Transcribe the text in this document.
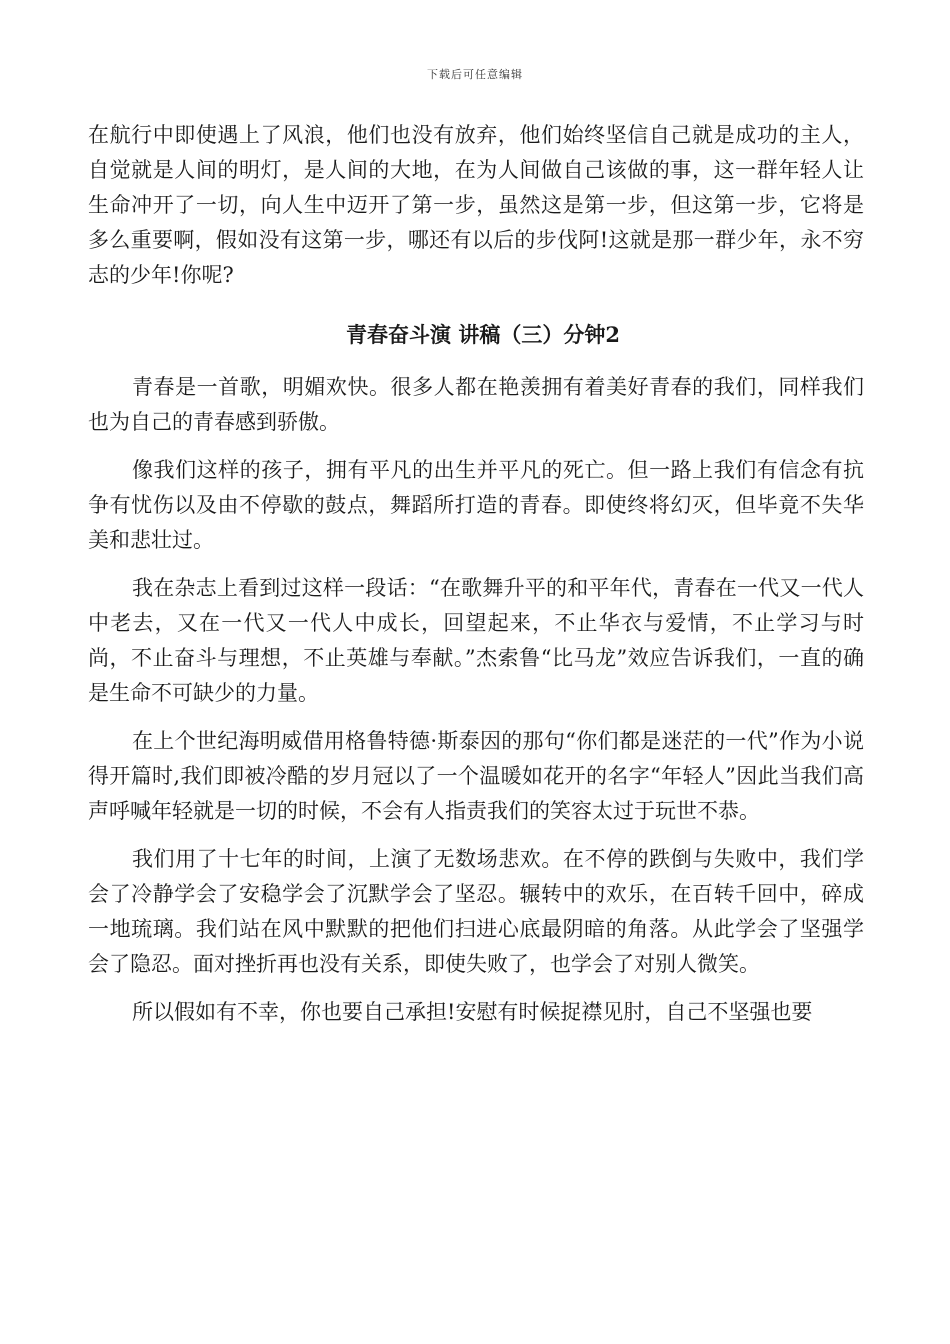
下载后可任意编辑

在航行中即使遇上了风浪，他们也没有放弃，他们始终坚信自己就是成功的主人，自觉就是人间的明灯，是人间的大地，在为人间做自己该做的事，这一群年轻人让生命冲开了一切，向人生中迈开了第一步，虽然这是第一步，但这第一步，它将是多么重要啊，假如没有这第一步，哪还有以后的步伐阿!这就是那一群少年，永不穷志的少年!你呢?

青春奋斗演 讲稿（三）分钟2

青春是一首歌，明媚欢快。很多人都在艳羡拥有着美好青春的我们，同样我们也为自己的青春感到骄傲。

像我们这样的孩子，拥有平凡的出生并平凡的死亡。但一路上我们有信念有抗争有忧伤以及由不停歇的鼓点，舞蹈所打造的青春。即使终将幻灭，但毕竟不失华美和悲壮过。

我在杂志上看到过这样一段话：“在歌舞升平的和平年代，青春在一代又一代人中老去，又在一代又一代人中成长，回望起来，不止华衣与爱情，不止学习与时尚，不止奋斗与理想，不止英雄与奉献。”杰索鲁“比马龙”效应告诉我们，一直的确是生命不可缺少的力量。

在上个世纪海明威借用格鲁特德·斯泰因的那句“你们都是迷茫的一代”作为小说得开篇时,我们即被冷酷的岁月冠以了一个温暖如花开的名字“年轻人”因此当我们高声呼喊年轻就是一切的时候，不会有人指责我们的笑容太过于玩世不恭。

我们用了十七年的时间，上演了无数场悲欢。在不停的跌倒与失败中，我们学会了冷静学会了安稳学会了沉默学会了坚忍。辗转中的欢乐，在百转千回中，碎成一地琉璃。我们站在风中默默的把他们扫进心底最阴暗的角落。从此学会了坚强学会了隐忍。面对挫折再也没有关系，即使失败了，也学会了对别人微笑。

所以假如有不幸，你也要自己承担!安慰有时候捉襟见肘，自己不坚强也要
